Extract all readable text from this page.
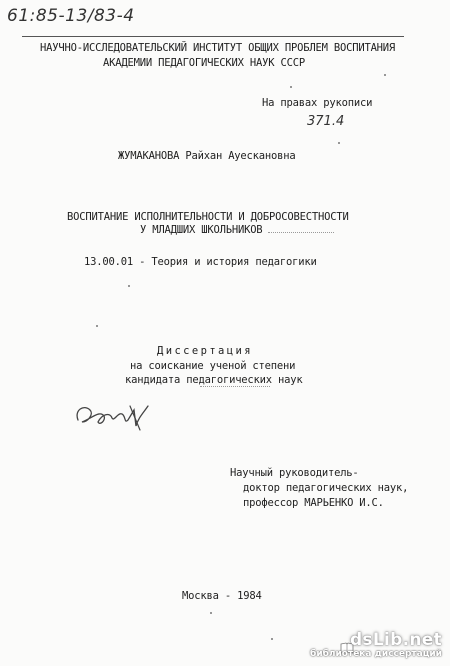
61:85-13/83-4
НАУЧНО-ИССЛЕДОВАТЕЛЬСКИЙ ИНСТИТУТ ОБЩИХ ПРОБЛЕМ ВОСПИТАНИЯ
АКАДЕМИИ ПЕДАГОГИЧЕСКИХ НАУК СССР
На правах рукописи
371.4
ЖУМАКАНОВА Райхан Ауескановна
ВОСПИТАНИЕ ИСПОЛНИТЕЛЬНОСТИ И ДОБРОСОВЕСТНОСТИ
У МЛАДШИХ ШКОЛЬНИКОВ
13.00.01 - Теория и история педагогики
Диссертация
на соискание ученой степени
кандидата педагогических наук
Научный руководитель-
доктор педагогических наук,
профессор МАРЬЕНКО И.С.
Москва - 1984
dsLib.net
библиотека диссертаций
